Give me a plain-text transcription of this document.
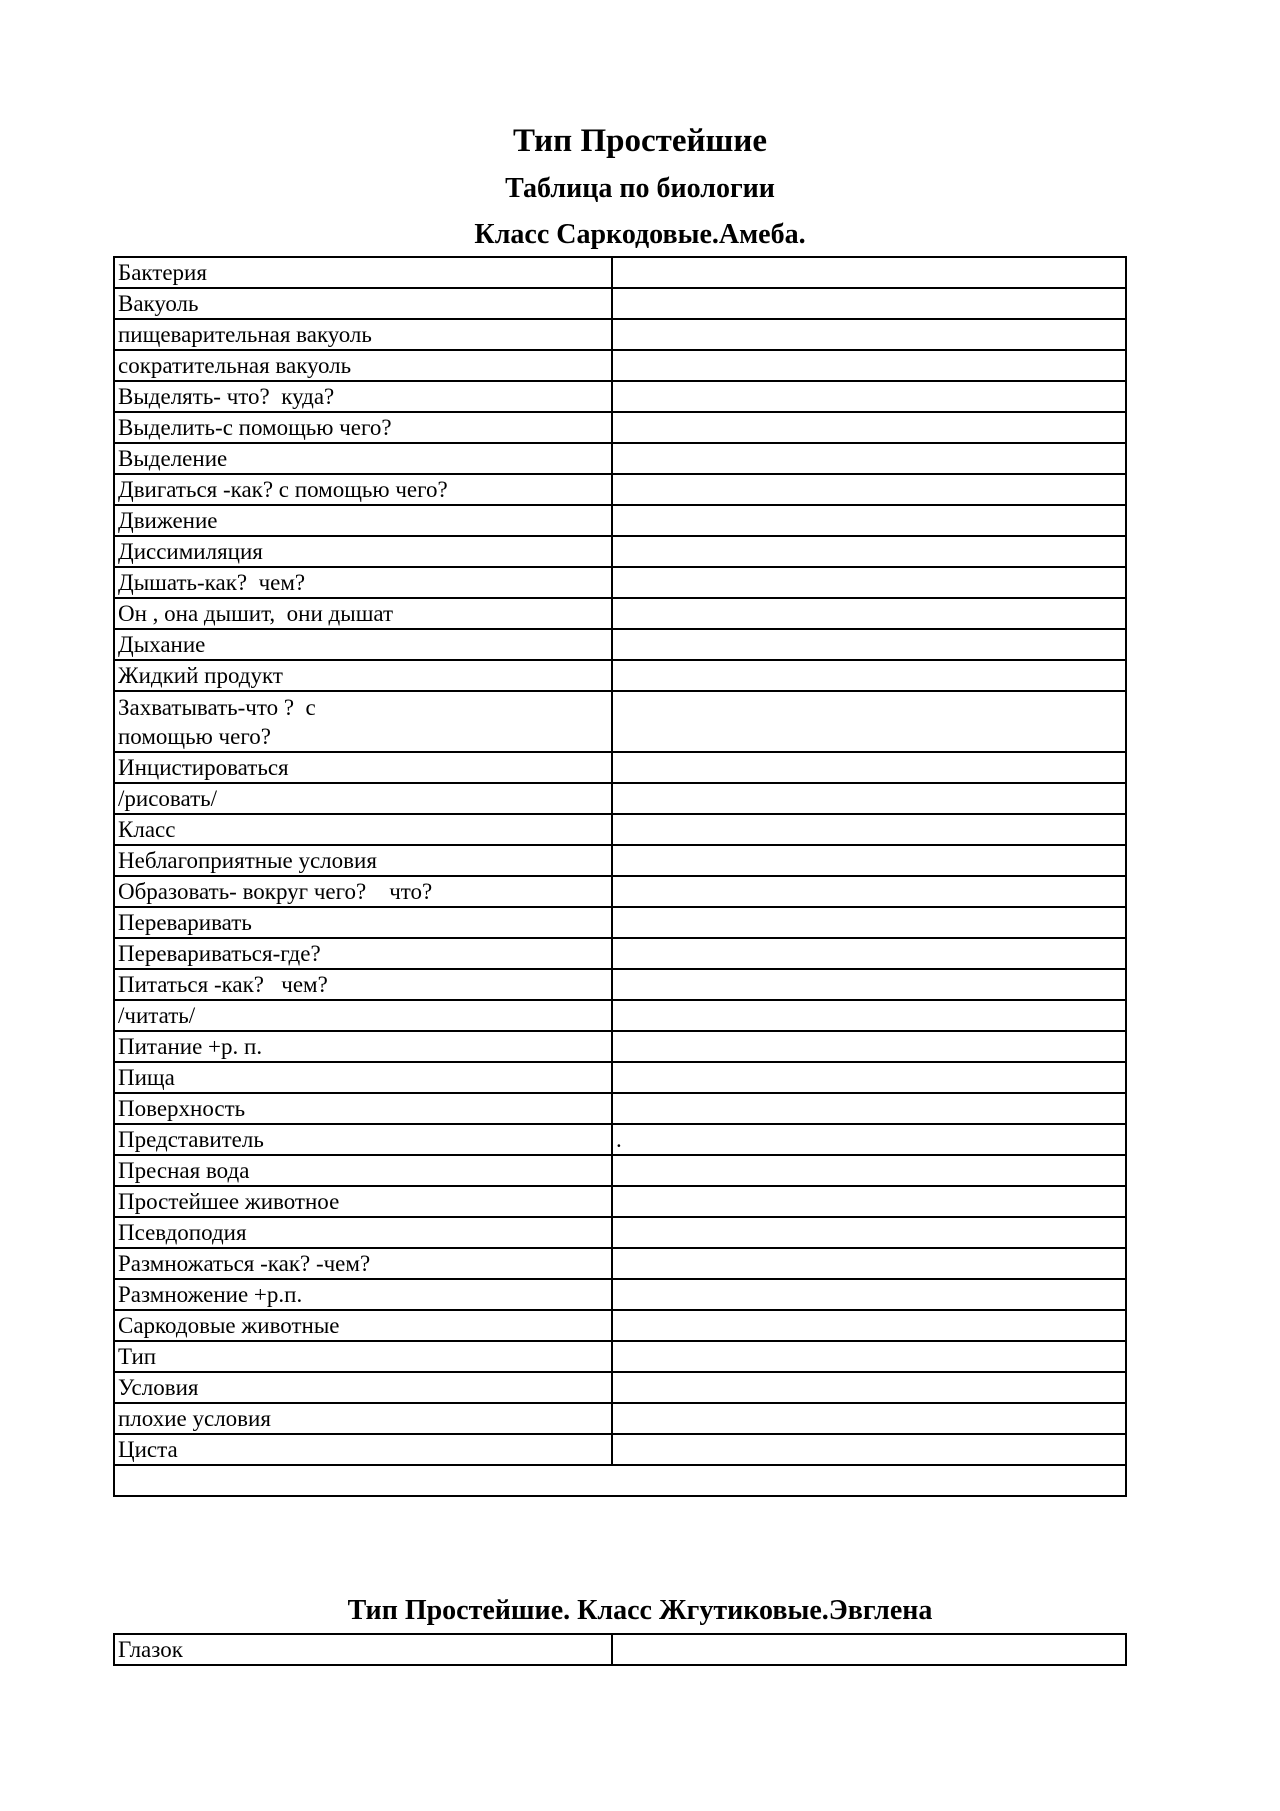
Тип Простейшие
Таблица по биологии
Класс Саркодовые.Амеба.
Бактерия	
Вакуоль	
пищеварительная вакуоль	
сократительная вакуоль	
Выделять- что?  куда?	
Выделить-с помощью чего?	
Выделение	
Двигаться -как? с помощью чего?	
Движение	
Диссимиляция	
Дышать-как?  чем?	
Он , она дышит,  они дышат	
Дыхание	
Жидкий продукт	
Захватывать-что ?  с
помощью чего?	
Инцистироваться	
/рисовать/	
Класс	
Неблагоприятные условия	
Образовать- вокруг чего?    что?	
Переваривать	
Перевариваться-где?	
Питаться -как?   чем?	
/читать/	
Питание +р. п.	
Пища	
Поверхность	
Представитель	.
Пресная вода	
Простейшее животное	
Псевдоподия	
Размножаться -как? -чем?	
Размножение +р.п.	
Саркодовые животные	
Тип	
Условия	
плохие условия	
Циста	

Тип Простейшие. Класс Жгутиковые.Эвглена
Глазок	
